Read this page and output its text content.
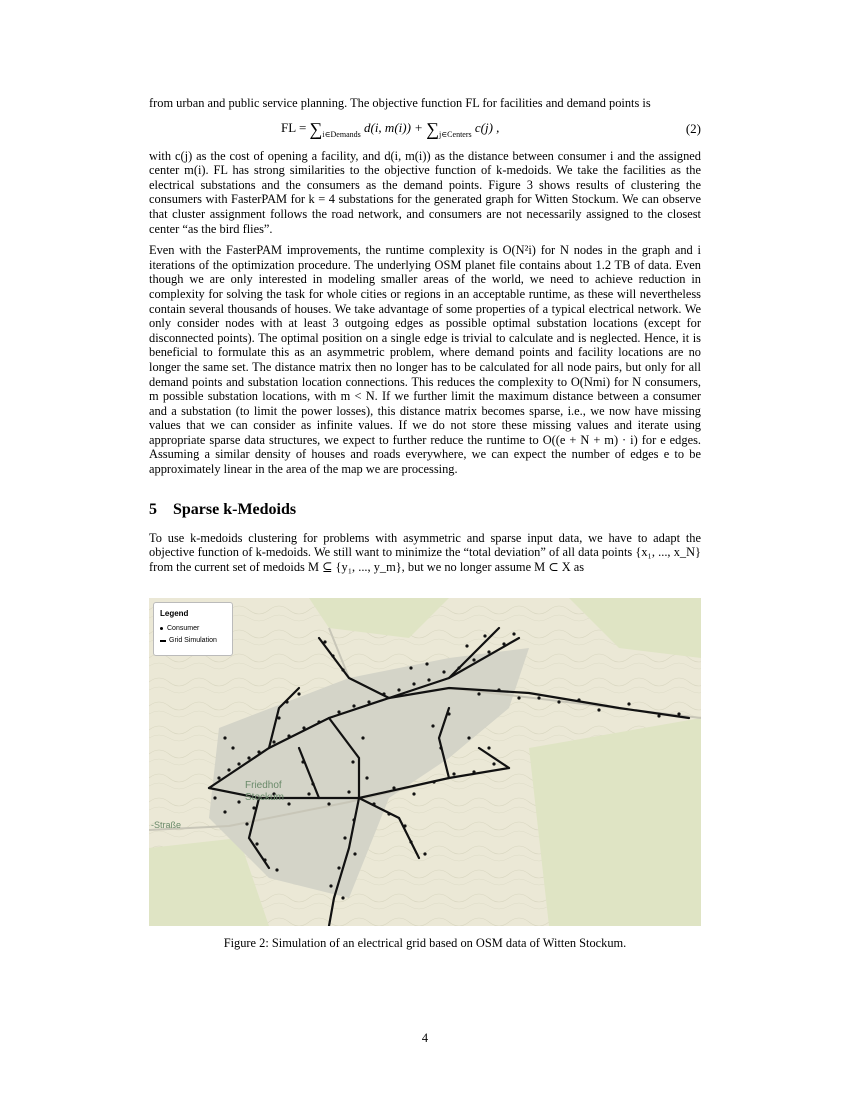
from urban and public service planning. The objective function FL for facilities and demand points is

FL = $\sum_{i\in Demands}$ d(i, $m(i)) + \sum_{j\in Centers}$ c(j) ,	(2)

with c(j) as the cost of opening a facility, and d(i, m(i)) as the distance between consumer i and the assigned center m(i). FL has strong similarities to the objective function of k-medoids. We take the facilities as the electrical substations and the consumers as the demand points. Figure 3 shows results of clustering the consumers with FasterPAM for k = 4 substations for the generated graph for Witten Stockum. We can observe that cluster assignment follows the road network, and consumers are not necessarily assigned to the closest center “as the bird flies”.

Even with the FasterPAM improvements, the runtime complexity is O(N²i) for N nodes in the graph and i iterations of the optimization procedure. The underlying OSM planet file contains about 1.2 TB of data. Even though we are only interested in modeling smaller areas of the world, we need to achieve reduction in complexity for solving the task for whole cities or regions in an acceptable runtime, as these will nevertheless contain several thousands of houses. We take advantage of some properties of a typical electrical network. We only consider nodes with at least 3 outgoing edges as possible optimal substation locations (except for disconnected points). The optimal position on a single edge is trivial to calculate and is neglected. Hence, it is beneficial to formulate this as an asymmetric problem, where demand points and facility locations are no longer the same set. The distance matrix then no longer has to be calculated for all node pairs, but only for all demand points and substation location connections. This reduces the complexity to O(Nmi) for N consumers, m possible substation locations, with m < N. If we further limit the maximum distance between a consumer and a substation (to limit the power losses), this distance matrix becomes sparse, i.e., we now have missing values that we can consider as infinite values. If we do not store these missing values and iterate using appropriate sparse data structures, we expect to further reduce the runtime to O((e + N + m) · i) for e edges. Assuming a similar density of houses and roads everywhere, we can expect the number of edges e to be approximately linear in the area of the map we are processing.

5 Sparse k-Medoids

To use k-medoids clustering for problems with asymmetric and sparse input data, we have to adapt the objective function of k-medoids. We still want to minimize the “total deviation” of all data points {x₁, ..., x_N} from the current set of medoids M ⊆ {y₁, ..., y_m}, but we no longer assume M ⊂ X as

Legend
Consumer
Grid Simulation
Friedhof
Stockum
-Straße
Figure 2: Simulation of an electrical grid based on OSM data of Witten Stockum.
4
